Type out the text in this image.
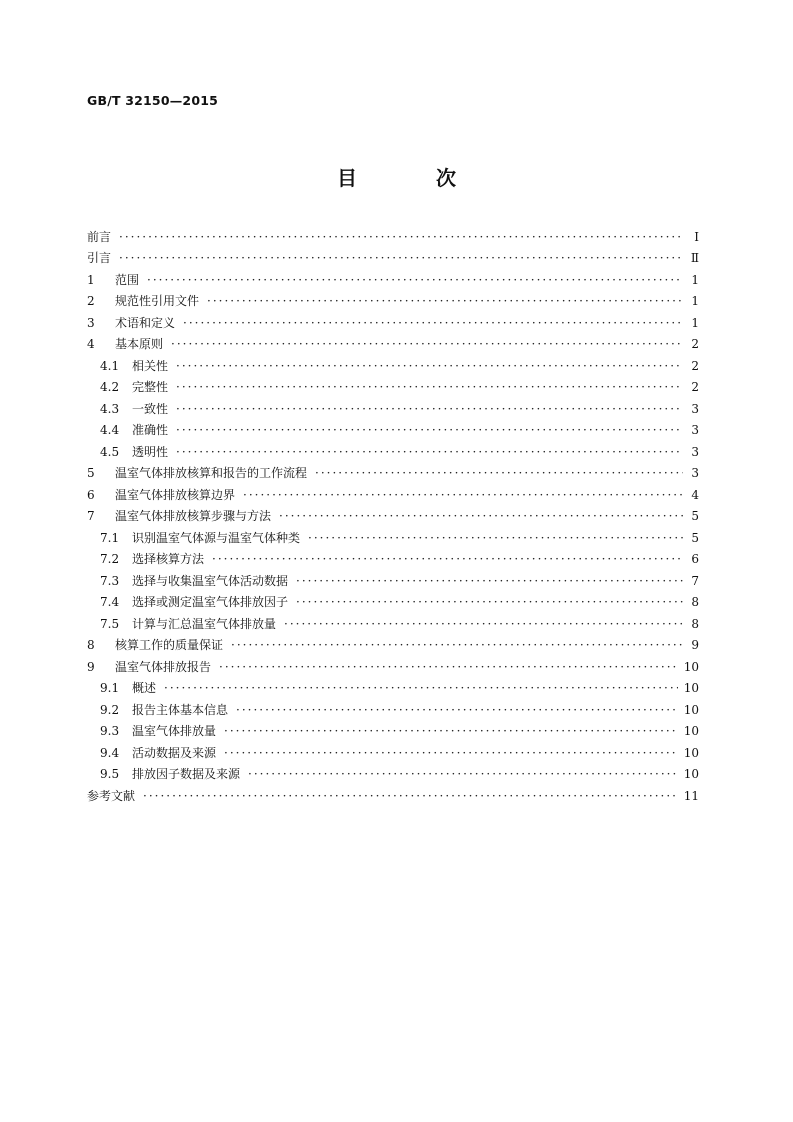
GB/T 32150—2015
目 次
前言 ·····	Ⅰ
引言 ·····	Ⅱ
1	范围 ·····	1
2	规范性引用文件 ·····	1
3	术语和定义 ·····	1
4	基本原则 ·····	2
4.1	相关性 ·····	2
4.2	完整性 ·····	2
4.3	一致性 ·····	3
4.4	准确性 ·····	3
4.5	透明性 ·····	3
5	温室气体排放核算和报告的工作流程 ·····	3
6	温室气体排放核算边界 ·····	4
7	温室气体排放核算步骤与方法 ·····	5
7.1	识别温室气体源与温室气体种类 ·····	5
7.2	选择核算方法 ·····	6
7.3	选择与收集温室气体活动数据 ·····	7
7.4	选择或测定温室气体排放因子 ·····	8
7.5	计算与汇总温室气体排放量 ·····	8
8	核算工作的质量保证 ·····	9
9	温室气体排放报告 ·····	10
9.1	概述 ·····	10
9.2	报告主体基本信息 ·····	10
9.3	温室气体排放量 ·····	10
9.4	活动数据及来源 ·····	10
9.5	排放因子数据及来源 ·····	10
参考文献 ·····	11
